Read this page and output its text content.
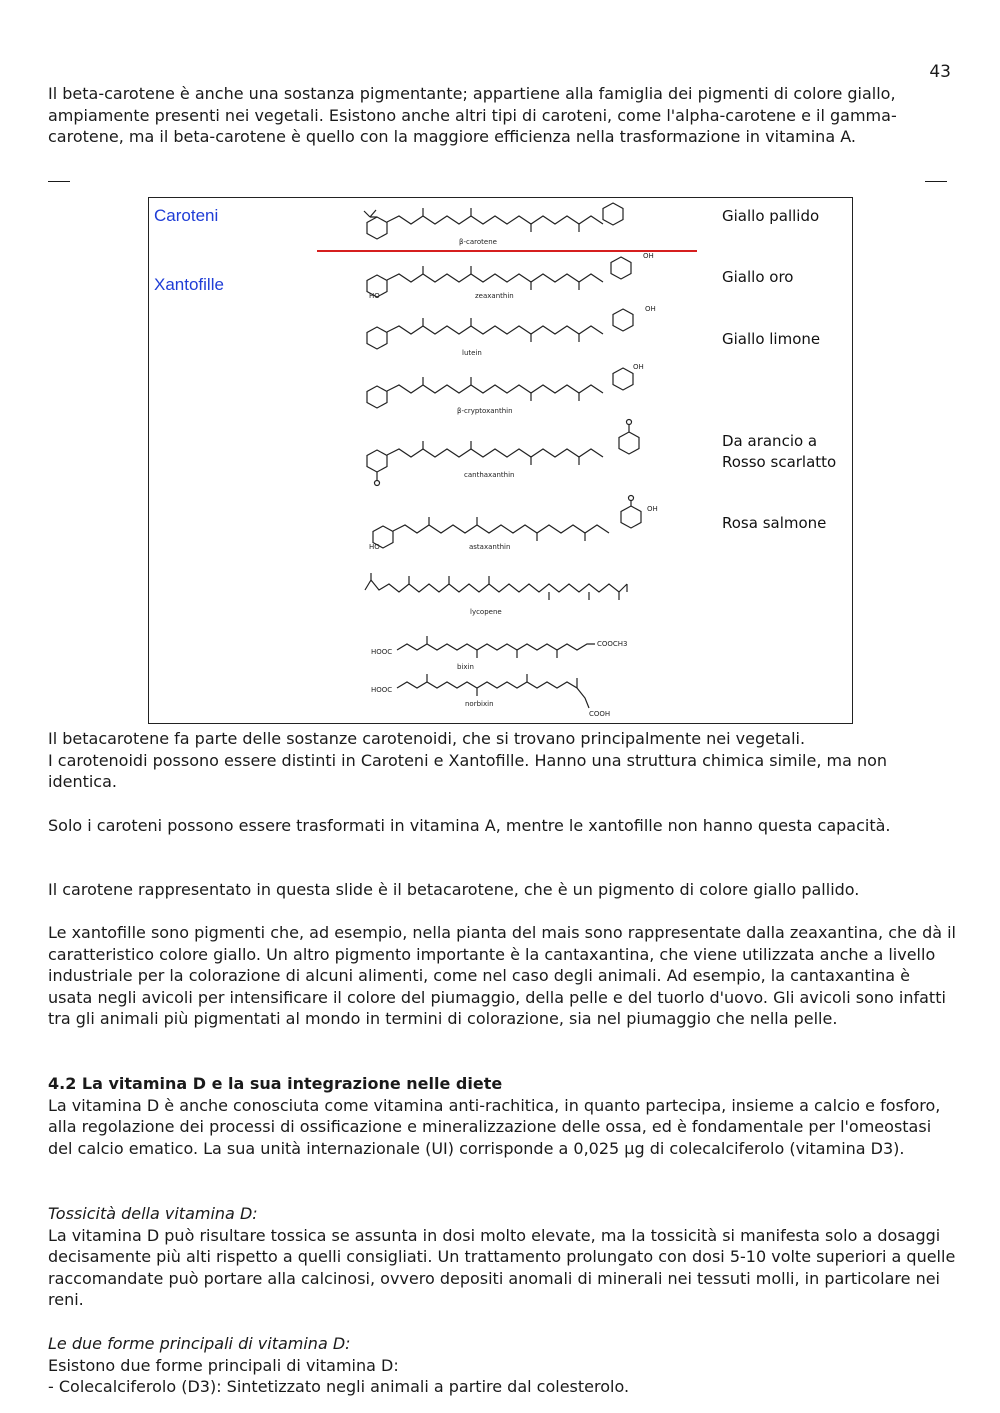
43

Il beta-carotene è anche una sostanza pigmentante; appartiene alla famiglia dei pigmenti di colore giallo, ampiamente presenti nei vegetali. Esistono anche altri tipi di caroteni, come l'alpha-carotene e il gamma-carotene, ma il beta-carotene è quello con la maggiore efficienza nella trasformazione in vitamina A.

Caroteni
Xantofille
Giallo pallido
Giallo oro
Giallo limone
Da arancio a
Rosso scarlatto
Rosa salmone
β-carotene
HO
OH
zeaxanthin
OH
lutein
OH
β-cryptoxanthin
canthaxanthin
HO
OH
astaxanthin
lycopene
HOOC
COOCH3
bixin
HOOC
COOH
norbixin

Il betacarotene fa parte delle sostanze carotenoidi, che si trovano principalmente nei vegetali.

I carotenoidi possono essere distinti in Caroteni e Xantofille. Hanno una struttura chimica simile, ma non identica.

Solo i caroteni possono essere trasformati in vitamina A, mentre le xantofille non hanno questa capacità.

Il carotene rappresentato in questa slide è il betacarotene, che è un pigmento di colore giallo pallido.

Le xantofille sono pigmenti che, ad esempio, nella pianta del mais sono rappresentate dalla zeaxantina, che dà il caratteristico colore giallo. Un altro pigmento importante è la cantaxantina, che viene utilizzata anche a livello industriale per la colorazione di alcuni alimenti, come nel caso degli animali. Ad esempio, la cantaxantina è usata negli avicoli per intensificare il colore del piumaggio, della pelle e del tuorlo d'uovo. Gli avicoli sono infatti tra gli animali più pigmentati al mondo in termini di colorazione, sia nel piumaggio che nella pelle.

4.2 La vitamina D e la sua integrazione nelle diete

La vitamina D è anche conosciuta come vitamina anti-rachitica, in quanto partecipa, insieme a calcio e fosforo, alla regolazione dei processi di ossificazione e mineralizzazione delle ossa, ed è fondamentale per l'omeostasi del calcio ematico. La sua unità internazionale (UI) corrisponde a 0,025 µg di colecalciferolo (vitamina D3).

Tossicità della vitamina D:

La vitamina D può risultare tossica se assunta in dosi molto elevate, ma la tossicità si manifesta solo a dosaggi decisamente più alti rispetto a quelli consigliati. Un trattamento prolungato con dosi 5-10 volte superiori a quelle raccomandate può portare alla calcinosi, ovvero depositi anomali di minerali nei tessuti molli, in particolare nei reni.

Le due forme principali di vitamina D:

Esistono due forme principali di vitamina D:

- Colecalciferolo (D3): Sintetizzato negli animali a partire dal colesterolo.
